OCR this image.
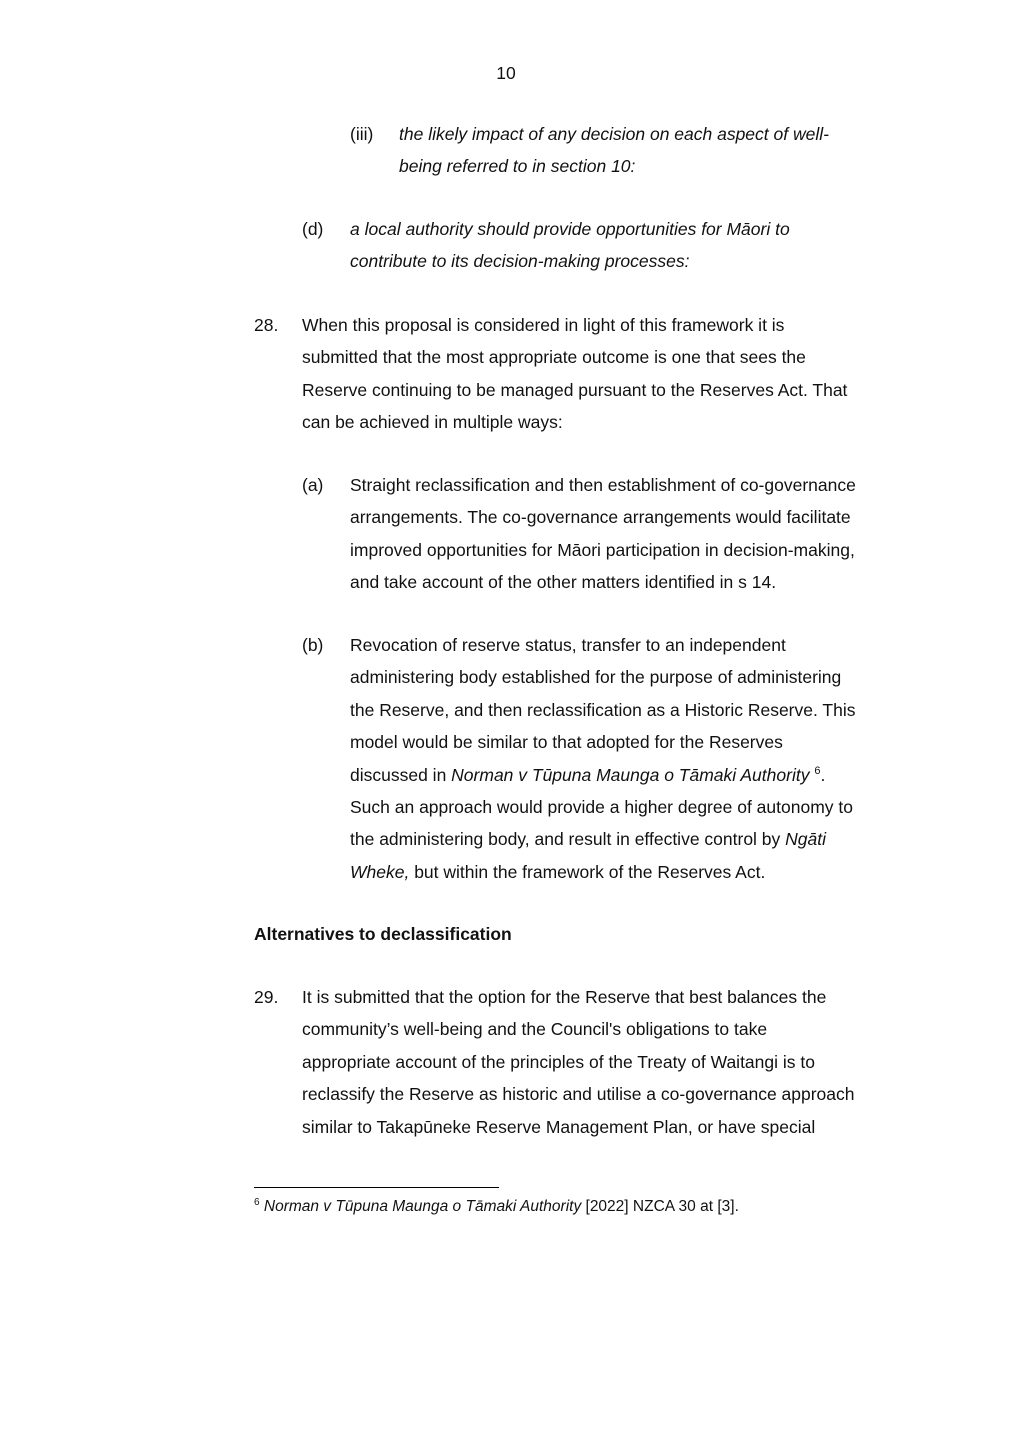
10
(iii) the likely impact of any decision on each aspect of well-
being referred to in section 10:
(d) a local authority should provide opportunities for Māori to
contribute to its decision-making processes:
28. When this proposal is considered in light of this framework it is
submitted that the most appropriate outcome is one that sees the
Reserve continuing to be managed pursuant to the Reserves Act. That
can be achieved in multiple ways:
(a) Straight reclassification and then establishment of co-governance
arrangements. The co-governance arrangements would facilitate
improved opportunities for Māori participation in decision-making,
and take account of the other matters identified in s 14.
(b) Revocation of reserve status, transfer to an independent
administering body established for the purpose of administering
the Reserve, and then reclassification as a Historic Reserve. This
model would be similar to that adopted for the Reserves
discussed in Norman v Tūpuna Maunga o Tāmaki Authority $^6$.
Such an approach would provide a higher degree of autonomy to
the administering body, and result in effective control by Ngāti
Wheke, but within the framework of the Reserves Act.
Alternatives to declassification
29. It is submitted that the option for the Reserve that best balances the
community’s well-being and the Council's obligations to take
appropriate account of the principles of the Treaty of Waitangi is to
reclassify the Reserve as historic and utilise a co-governance approach
similar to Takapūneke Reserve Management Plan, or have special
$^6$ Norman v Tūpuna Maunga o Tāmaki Authority [2022] NZCA 30 at [3].
